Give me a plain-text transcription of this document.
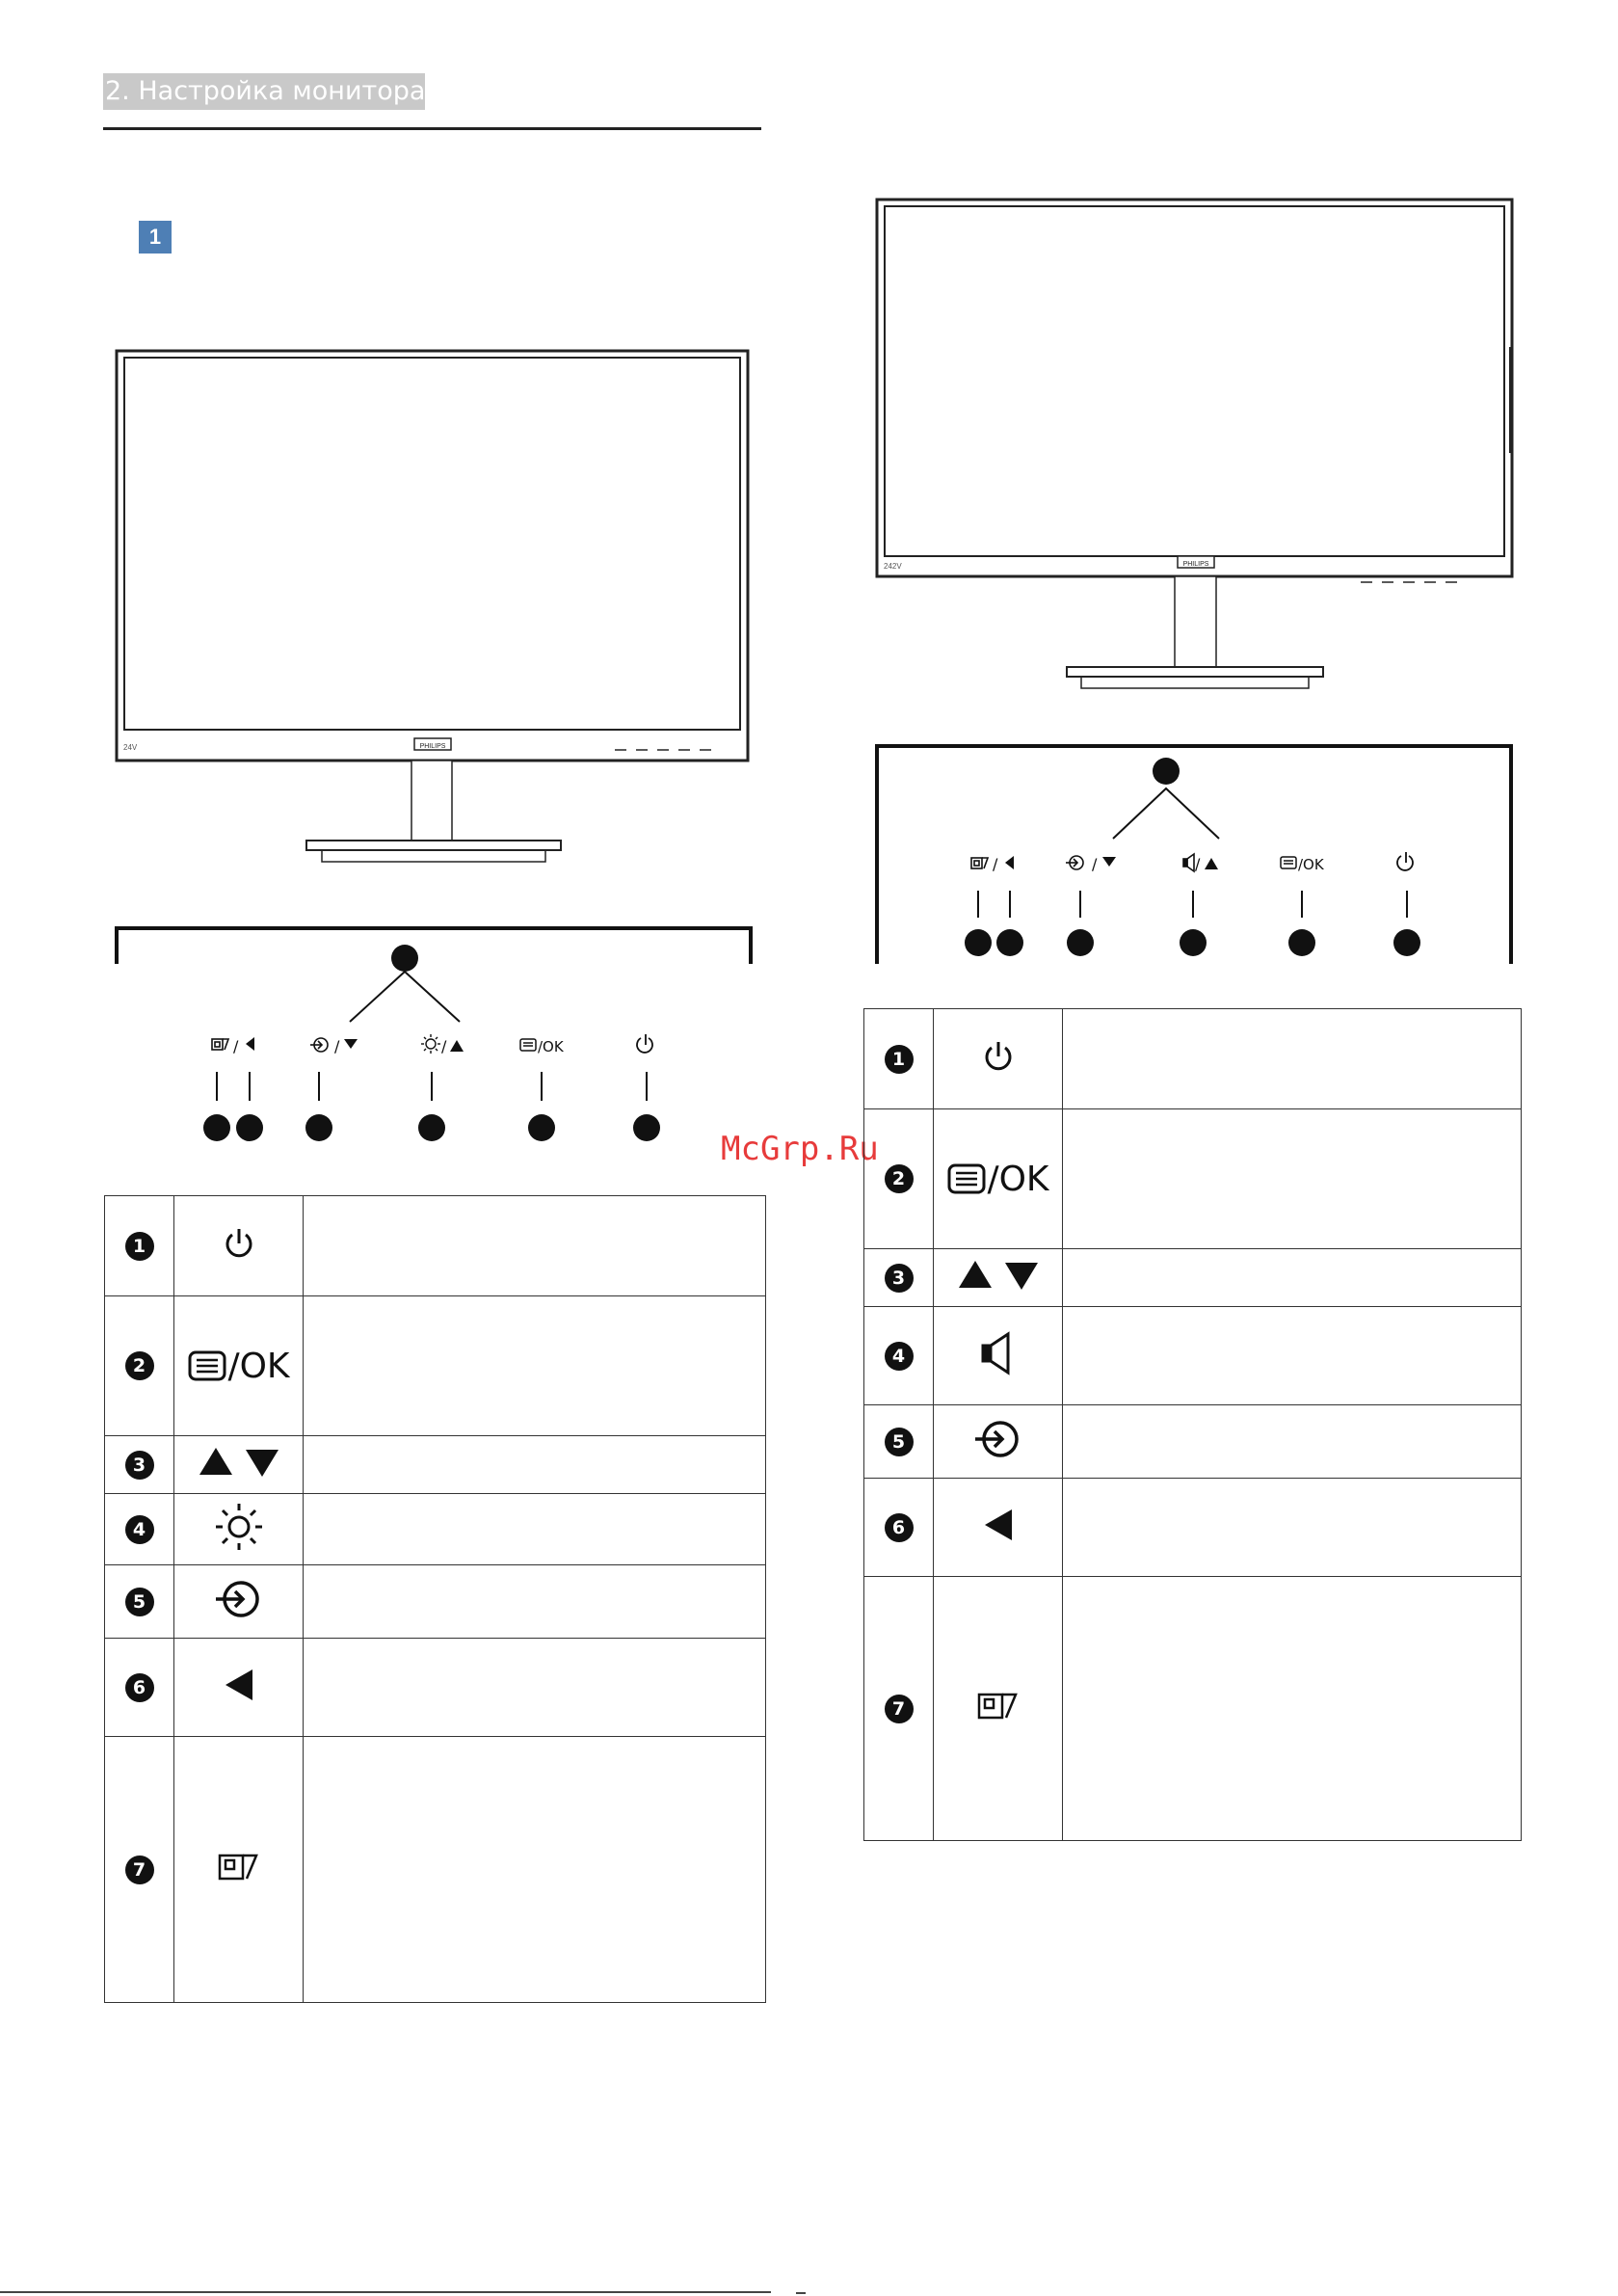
2. Настройка монитора
1
PHILIPS
24V
PHILIPS
242V
/	/	/	/OK
/	/	/	/OK
McGrp.Ru
1		
2	/OK	
3		
4		
5		
6		
7		
1		
2	/OK	
3		
4		
5		
6		
7		
